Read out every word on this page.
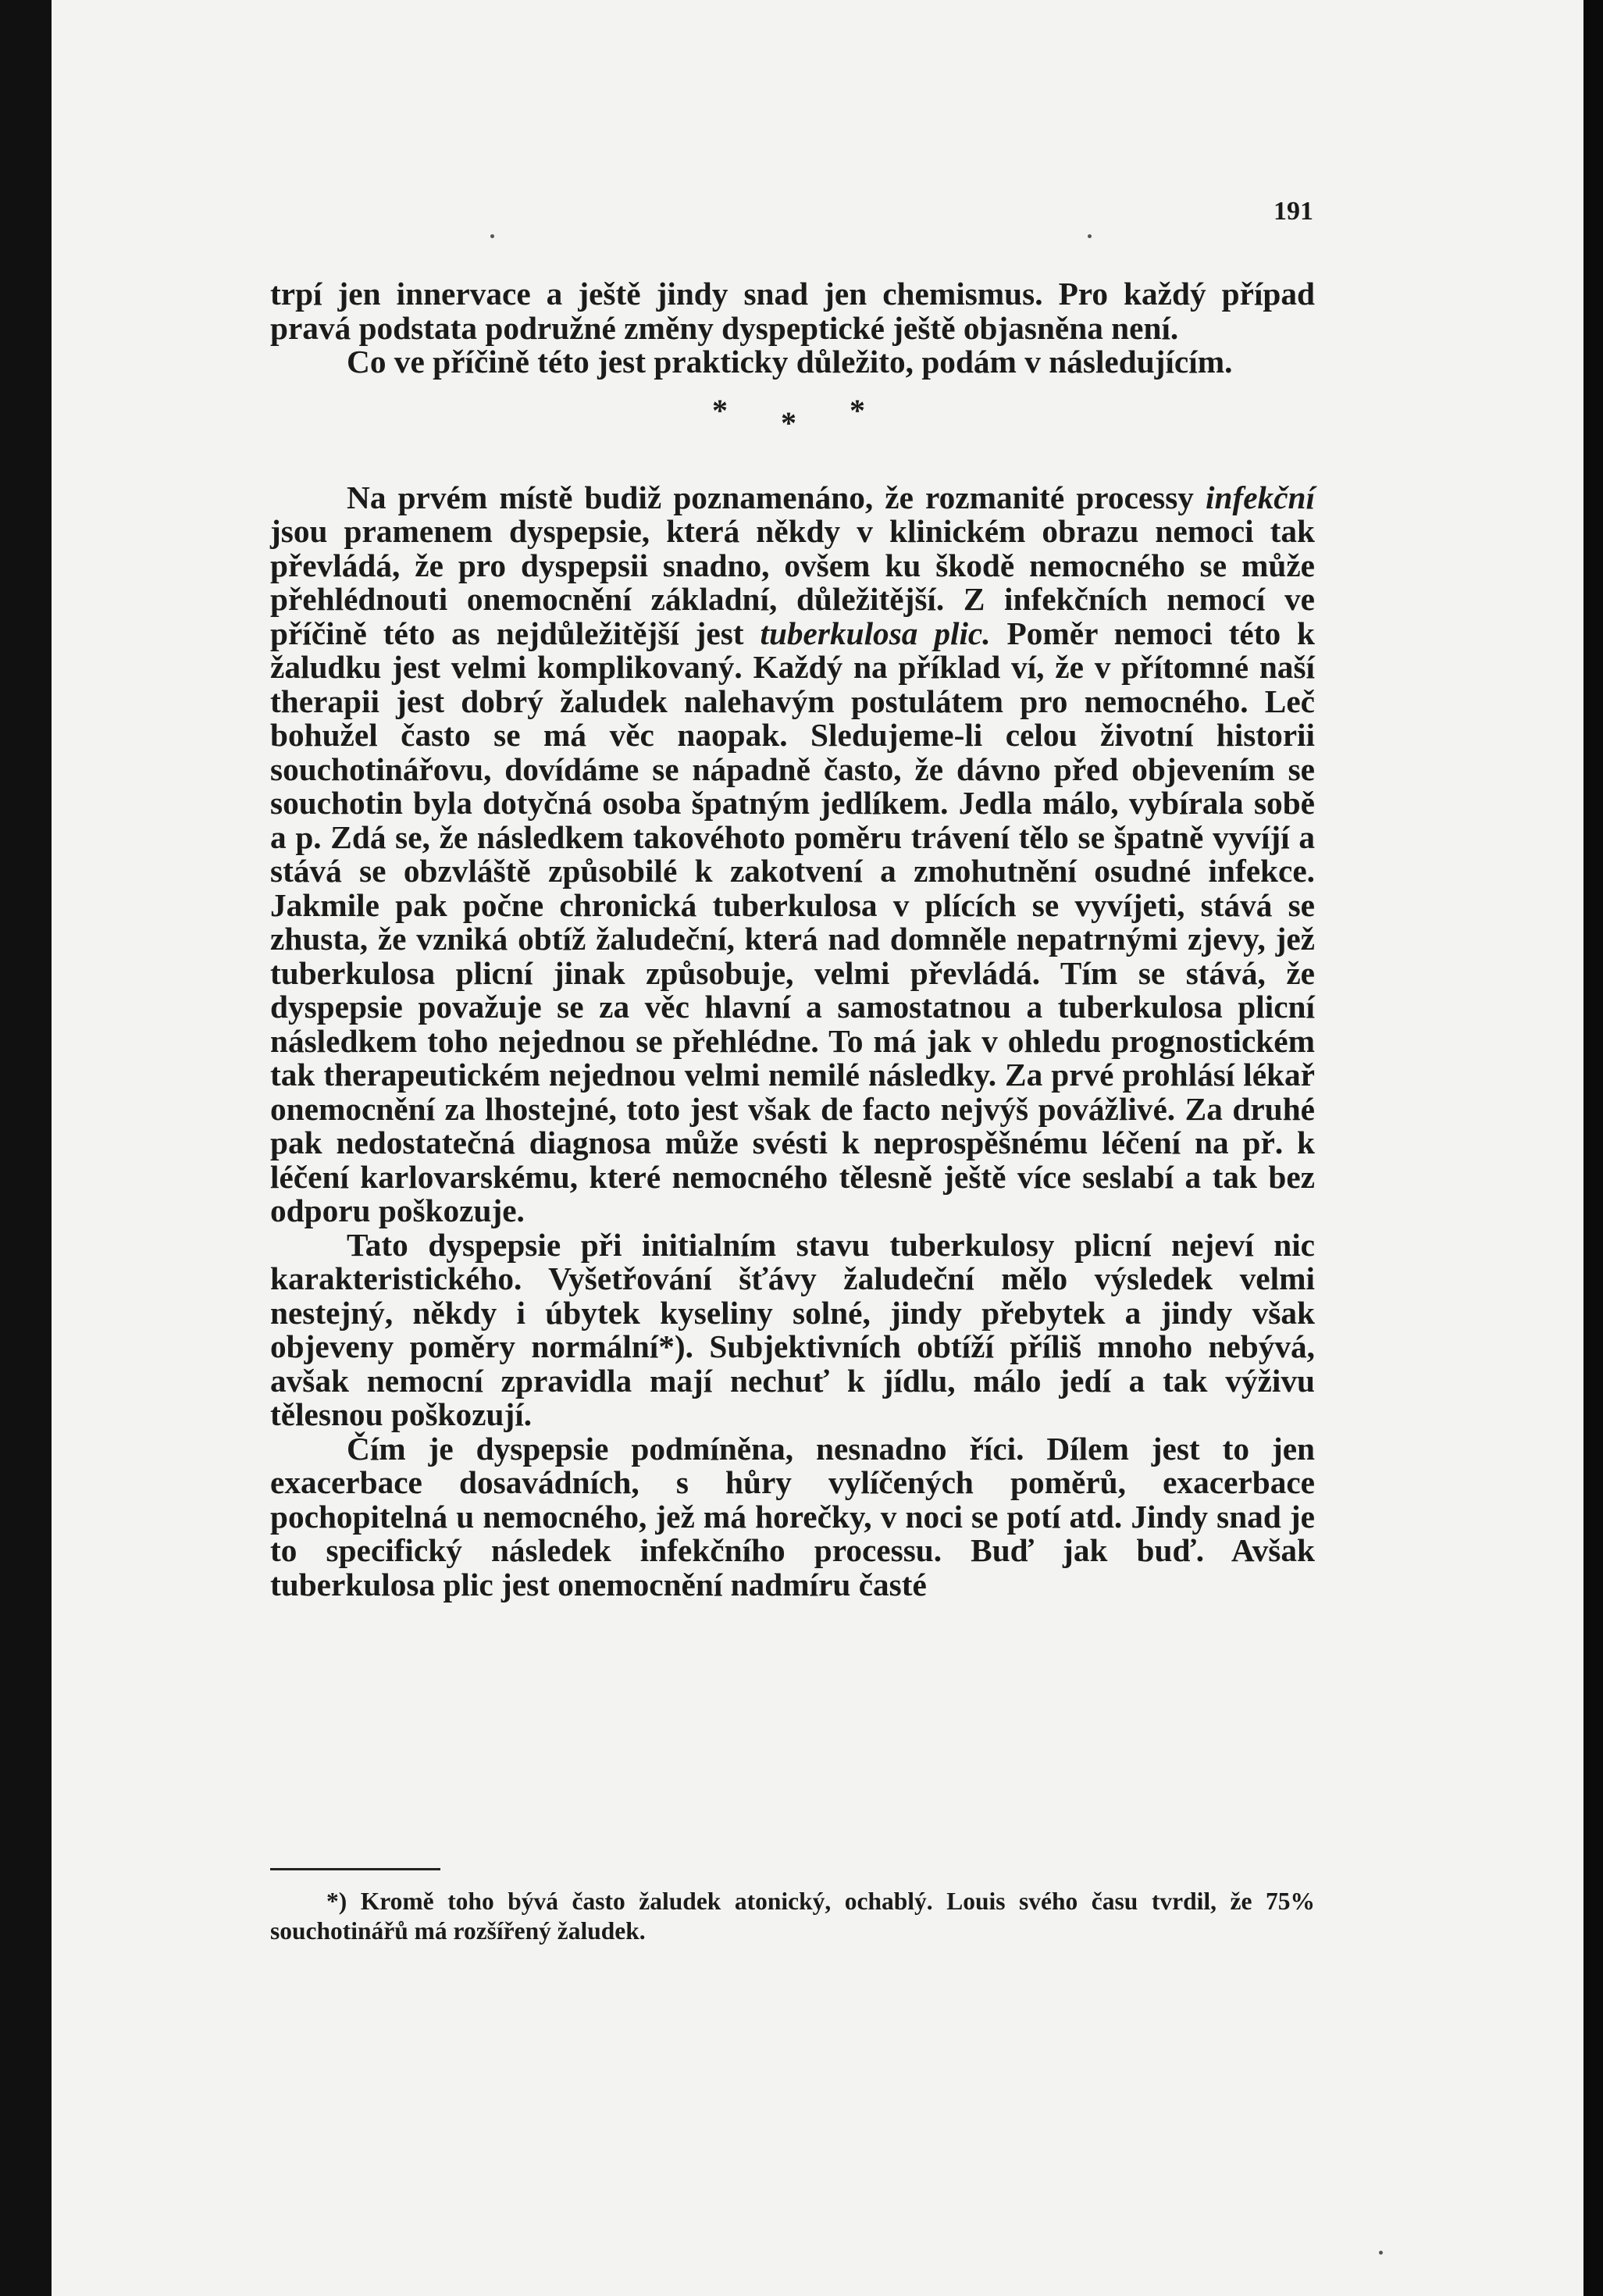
191

trpí jen innervace a ještě jindy snad jen chemismus. Pro každý případ pravá podstata podružné změny dyspeptické ještě objasněna není.

Co ve příčině této jest prakticky důležito, podám v následujícím.

* * *

Na prvém místě budiž poznamenáno, že rozmanité processy infekční jsou pramenem dyspepsie, která někdy v klinickém obrazu nemoci tak převládá, že pro dyspepsii snadno, ovšem ku škodě nemocného se může přehlédnouti onemocnění základní, důležitější. Z infekčních nemocí ve příčině této as nejdůležitější jest tuberkulosa plic. Poměr nemoci této k žaludku jest velmi komplikovaný. Každý na příklad ví, že v přítomné naší therapii jest dobrý žaludek nalehavým postulátem pro nemocného. Leč bohužel často se má věc naopak. Sledujeme-li celou životní historii souchotinářovu, dovídáme se nápadně často, že dávno před objevením se souchotin byla dotyčná osoba špatným jedlíkem. Jedla málo, vybírala sobě a p. Zdá se, že následkem takovéhoto poměru trávení tělo se špatně vyvíjí a stává se obzvláště způsobilé k zakotvení a zmohutnění osudné infekce. Jakmile pak počne chronická tuberkulosa v plících se vyvíjeti, stává se zhusta, že vzniká obtíž žaludeční, která nad domněle nepatrnými zjevy, jež tuberkulosa plicní jinak způsobuje, velmi převládá. Tím se stává, že dyspepsie považuje se za věc hlavní a samostatnou a tuberkulosa plicní následkem toho nejednou se přehlédne. To má jak v ohledu prognostickém tak therapeutickém nejednou velmi nemilé následky. Za prvé prohlásí lékař onemocnění za lhostejné, toto jest však de facto nejvýš povážlivé. Za druhé pak nedostatečná diagnosa může svésti k neprospěšnému léčení na př. k léčení karlovarskému, které nemocného tělesně ještě více seslabí a tak bez odporu poškozuje.

Tato dyspepsie při initialním stavu tuberkulosy plicní nejeví nic karakteristického. Vyšetřování šťávy žaludeční mělo výsledek velmi nestejný, někdy i úbytek kyseliny solné, jindy přebytek a jindy však objeveny poměry normální*). Subjektivních obtíží příliš mnoho nebývá, avšak nemocní zpravidla mají nechuť k jídlu, málo jedí a tak výživu tělesnou poškozují.

Čím je dyspepsie podmíněna, nesnadno říci. Dílem jest to jen exacerbace dosavádních, s hůry vylíčených poměrů, exacerbace pochopitelná u nemocného, jež má horečky, v noci se potí atd. Jindy snad je to specifický následek infekčního processu. Buď jak buď. Avšak tuberkulosa plic jest onemocnění nadmíru časté

*) Kromě toho bývá často žaludek atonický, ochablý. Louis svého času tvrdil, že 75% souchotinářů má rozšířený žaludek.
